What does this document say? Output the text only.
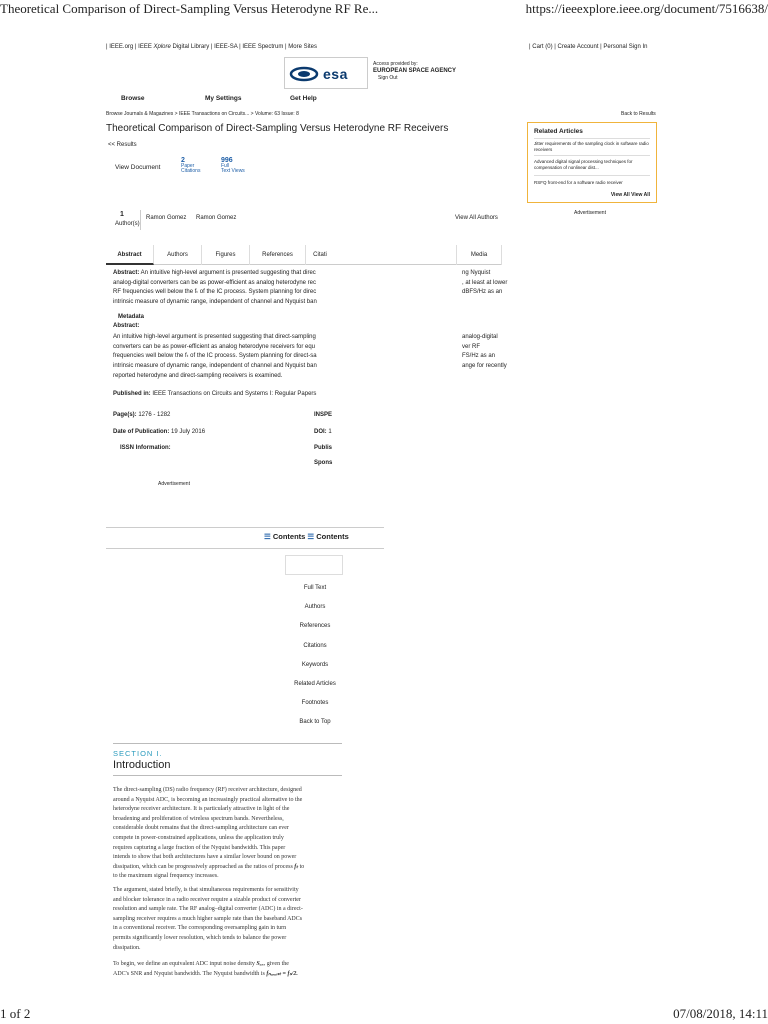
Theoretical Comparison of Direct-Sampling Versus Heterodyne RF Re...	https://ieeexplore.ieee.org/document/7516638/
| IEEE.org | IEEE Xplore Digital Library | IEEE-SA | IEEE Spectrum | More Sites	| Cart (0) | Create Account | Personal Sign In
esa
Access provided by:
EUROPEAN SPACE AGENCY
Sign Out
Browse	My Settings	Get Help
Browse Journals & Magazines > IEEE Transactions on Circuits... > Volume: 63 Issue: 8	Back to Results
Theoretical Comparison of Direct-Sampling Versus Heterodyne RF Receivers
<< Results
View Document
2
Paper
Citations
996
Full
Text Views
Related Articles
Jitter requirements of the sampling clock in software radio receivers
Advanced digital signal processing techniques for compensation of nonlinear dist...
RSFQ front-end for a software radio receiver
View All View All
Advertisement
1
Author(s)
Ramon Gomez Ramon Gomez	View All Authors
Abstract	Authors	Figures	References	Citati	Media
Abstract: An intuitive high-level argument is presented suggesting that direc
analog-digital converters can be as power-efficient as analog heterodyne rec
RF frequencies well below the fₜ of the IC process. System planning for direc
intrinsic measure of dynamic range, independent of channel and Nyquist ban
ng Nyquist
, at least at lower
dBFS/Hz as an
Metadata
Abstract:
An intuitive high-level argument is presented suggesting that direct-sampling
converters can be as power-efficient as analog heterodyne receivers for equ
frequencies well below the fₜ of the IC process. System planning for direct-sa
intrinsic measure of dynamic range, independent of channel and Nyquist ban
reported heterodyne and direct-sampling receivers is examined.
analog-digital
ver RF
FS/Hz as an
ange for recently
Published in: IEEE Transactions on Circuits and Systems I: Regular Papers
Page(s): 1276 - 1282	INSPE
Date of Publication: 19 July 2016	DOI: 1
ISSN Information:	Publis
Spons
Advertisement
☰ Contents ☰ Contents
Full Text
Authors
References
Citations
Keywords
Related Articles
Footnotes
Back to Top
SECTION I.
Introduction
The direct-sampling (DS) radio frequency (RF) receiver architecture, designed
around a Nyquist ADC, is becoming an increasingly practical alternative to the
heterodyne receiver architecture. It is particularly attractive in light of the
broadening and proliferation of wireless spectrum bands. Nevertheless,
considerable doubt remains that the direct-sampling architecture can ever
compete in power-constrained applications, unless the application truly
requires capturing a large fraction of the Nyquist bandwidth. This paper
intends to show that both architectures have a similar lower bound on power
dissipation, which can be progressively approached as the ratios of process fₜ to
to the maximum signal frequency increases.
The argument, stated briefly, is that simultaneous requirements for sensitivity
and blocker tolerance in a radio receiver require a sizable product of converter
resolution and sample rate. The RF analog–digital converter (ADC) in a direct-
sampling receiver requires a much higher sample rate than the baseband ADCs
in a conventional receiver. The corresponding oversampling gain in turn
permits significantly lower resolution, which tends to balance the power
dissipation.
To begin, we define an equivalent ADC input noise density Sₐₓₑ given the
ADC's SNR and Nyquist bandwidth. The Nyquist bandwidth is fₙᵧᵩᵤᵢₛₜ = fₛ/2.
1 of 2	07/08/2018, 14:11
